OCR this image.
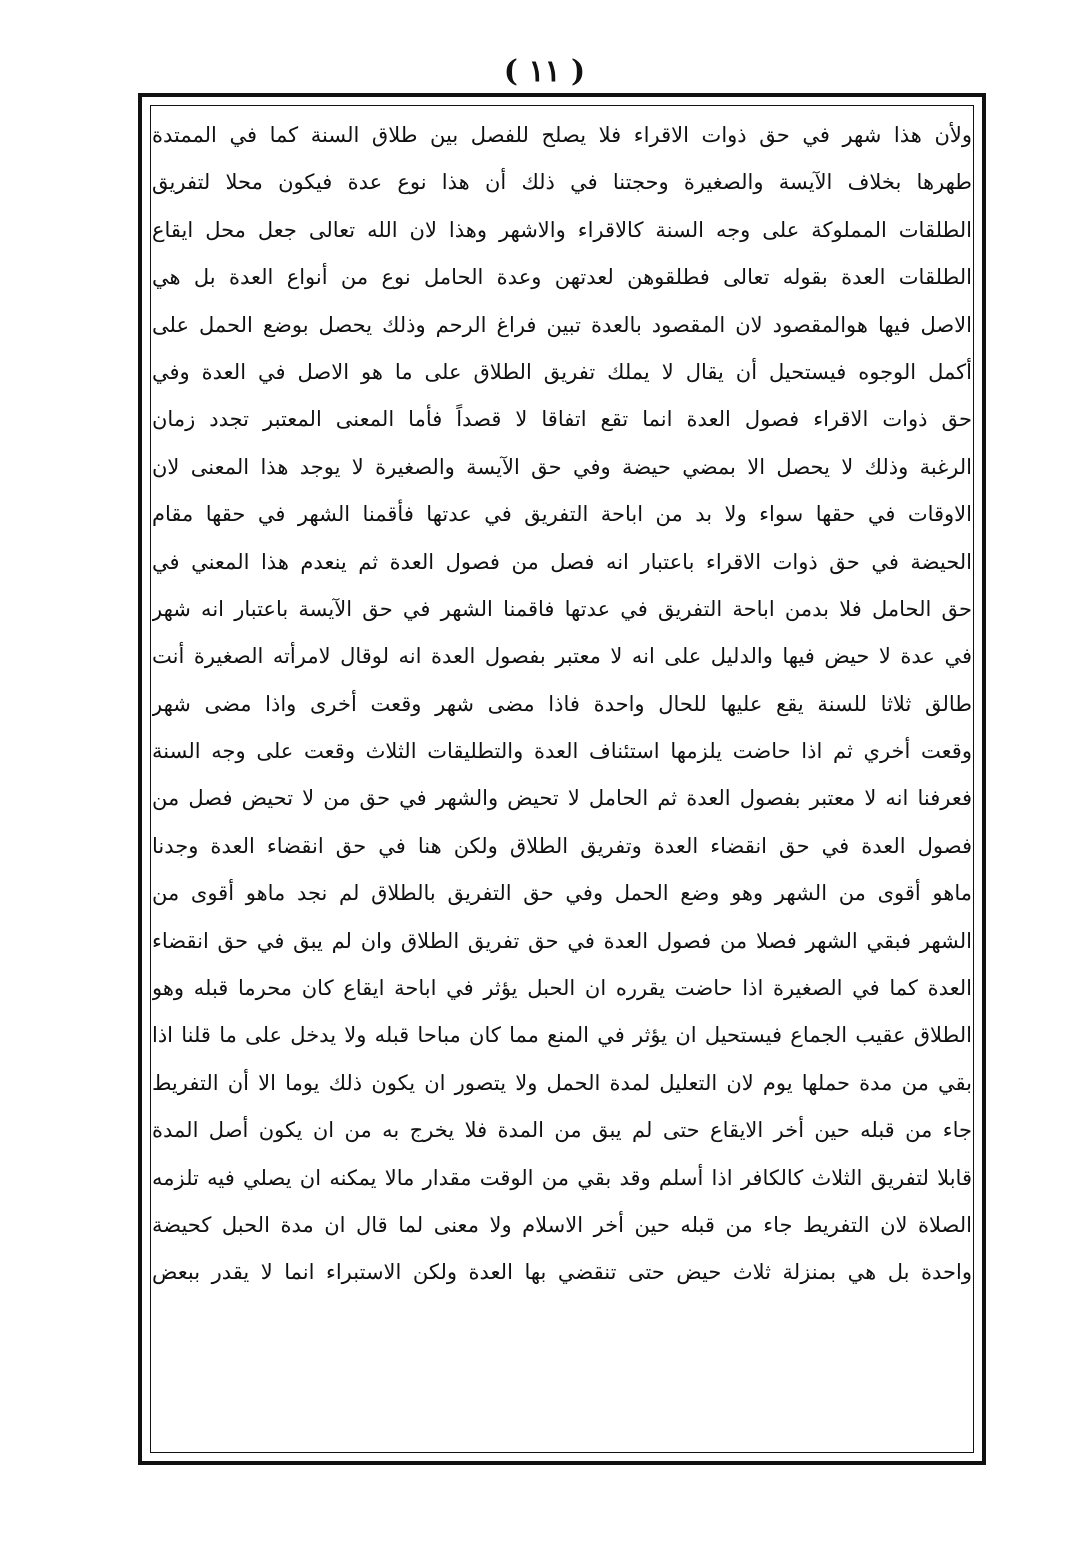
( ١١ )
ولأن هذا شهر في حق ذوات الاقراء فلا يصلح للفصل بين طلاق السنة كما في الممتدة
طهرها بخلاف الآيسة والصغيرة وحجتنا في ذلك أن هذا نوع عدة فيكون محلا لتفريق
الطلقات المملوكة على وجه السنة كالاقراء والاشهر وهذا لان الله تعالى جعل محل ايقاع
الطلقات العدة بقوله تعالى فطلقوهن لعدتهن وعدة الحامل نوع من أنواع العدة بل هي
الاصل فيها هوالمقصود لان المقصود بالعدة تبين فراغ الرحم وذلك يحصل بوضع الحمل على
أكمل الوجوه فيستحيل أن يقال لا يملك تفريق الطلاق على ما هو الاصل في العدة وفي
حق ذوات الاقراء فصول العدة انما تقع اتفاقا لا قصداً فأما المعنى المعتبر تجدد زمان
الرغبة وذلك لا يحصل الا بمضي حيضة وفي حق الآيسة والصغيرة لا يوجد هذا المعنى لان
الاوقات في حقها سواء ولا بد من اباحة التفريق في عدتها فأقمنا الشهر في حقها مقام
الحيضة في حق ذوات الاقراء باعتبار انه فصل من فصول العدة ثم ينعدم هذا المعني في
حق الحامل فلا بدمن اباحة التفريق في عدتها فاقمنا الشهر في حق الآيسة باعتبار انه شهر
في عدة لا حيض فيها والدليل على انه لا معتبر بفصول العدة انه لوقال لامرأته الصغيرة أنت
طالق ثلاثا للسنة يقع عليها للحال واحدة فاذا مضى شهر وقعت أخرى واذا مضى شهر
وقعت أخري ثم اذا حاضت يلزمها استئناف العدة والتطليقات الثلاث وقعت على وجه السنة
فعرفنا انه لا معتبر بفصول العدة ثم الحامل لا تحيض والشهر في حق من لا تحيض فصل من
فصول العدة في حق انقضاء العدة وتفريق الطلاق ولكن هنا في حق انقضاء العدة وجدنا
ماهو أقوى من الشهر وهو وضع الحمل وفي حق التفريق بالطلاق لم نجد ماهو أقوى من
الشهر فبقي الشهر فصلا من فصول العدة في حق تفريق الطلاق وان لم يبق في حق انقضاء
العدة كما في الصغيرة اذا حاضت يقرره ان الحبل يؤثر في اباحة ايقاع كان محرما قبله وهو
الطلاق عقيب الجماع فيستحيل ان يؤثر في المنع مما كان مباحا قبله ولا يدخل على ما قلنا اذا
بقي من مدة حملها يوم لان التعليل لمدة الحمل ولا يتصور ان يكون ذلك يوما الا أن التفريط
جاء من قبله حين أخر الايقاع حتى لم يبق من المدة فلا يخرج به من ان يكون أصل المدة
قابلا لتفريق الثلاث كالكافر اذا أسلم وقد بقي من الوقت مقدار مالا يمكنه ان يصلي فيه تلزمه
الصلاة لان التفريط جاء من قبله حين أخر الاسلام ولا معنى لما قال ان مدة الحبل كحيضة
واحدة بل هي بمنزلة ثلاث حيض حتى تنقضي بها العدة ولكن الاستبراء انما لا يقدر ببعض
